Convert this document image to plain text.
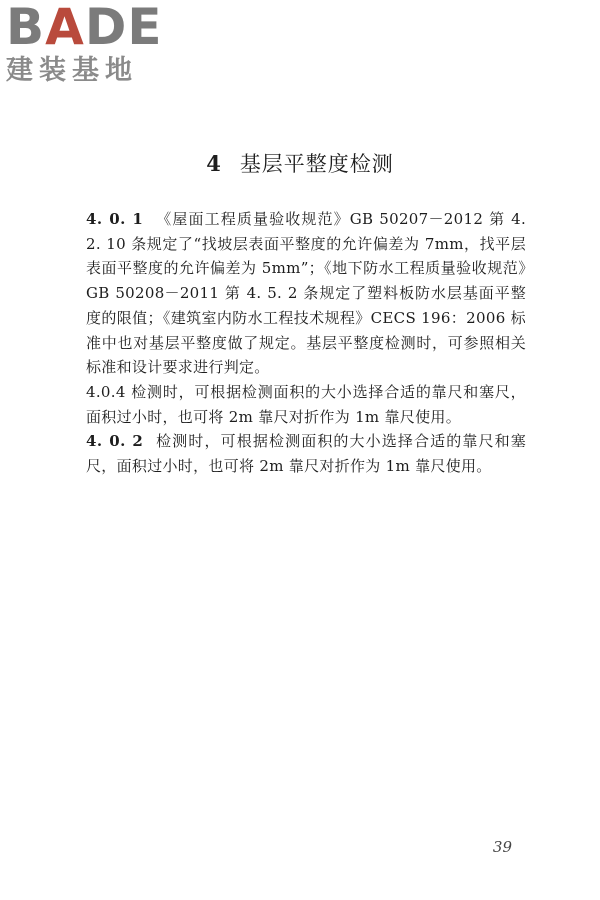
BADE
建装基地
4 基层平整度检测

4. 0. 1 《屋面工程质量验收规范》GB 50207－2012 第 4. 2. 10 条规定了“找坡层表面平整度的允许偏差为 7mm，找平层表面平整度的允许偏差为 5mm”；《地下防水工程质量验收规范》GB 50208－2011 第 4. 5. 2 条规定了塑料板防水层基面平整度的限值；《建筑室内防水工程技术规程》CECS 196：2006 标准中也对基层平整度做了规定。基层平整度检测时，可参照相关标准和设计要求进行判定。

4.0.4 检测时，可根据检测面积的大小选择合适的靠尺和塞尺，面积过小时，也可将 2m 靠尺对折作为 1m 靠尺使用。

4. 0. 2 检测时，可根据检测面积的大小选择合适的靠尺和塞尺，面积过小时，也可将 2m 靠尺对折作为 1m 靠尺使用。

39
